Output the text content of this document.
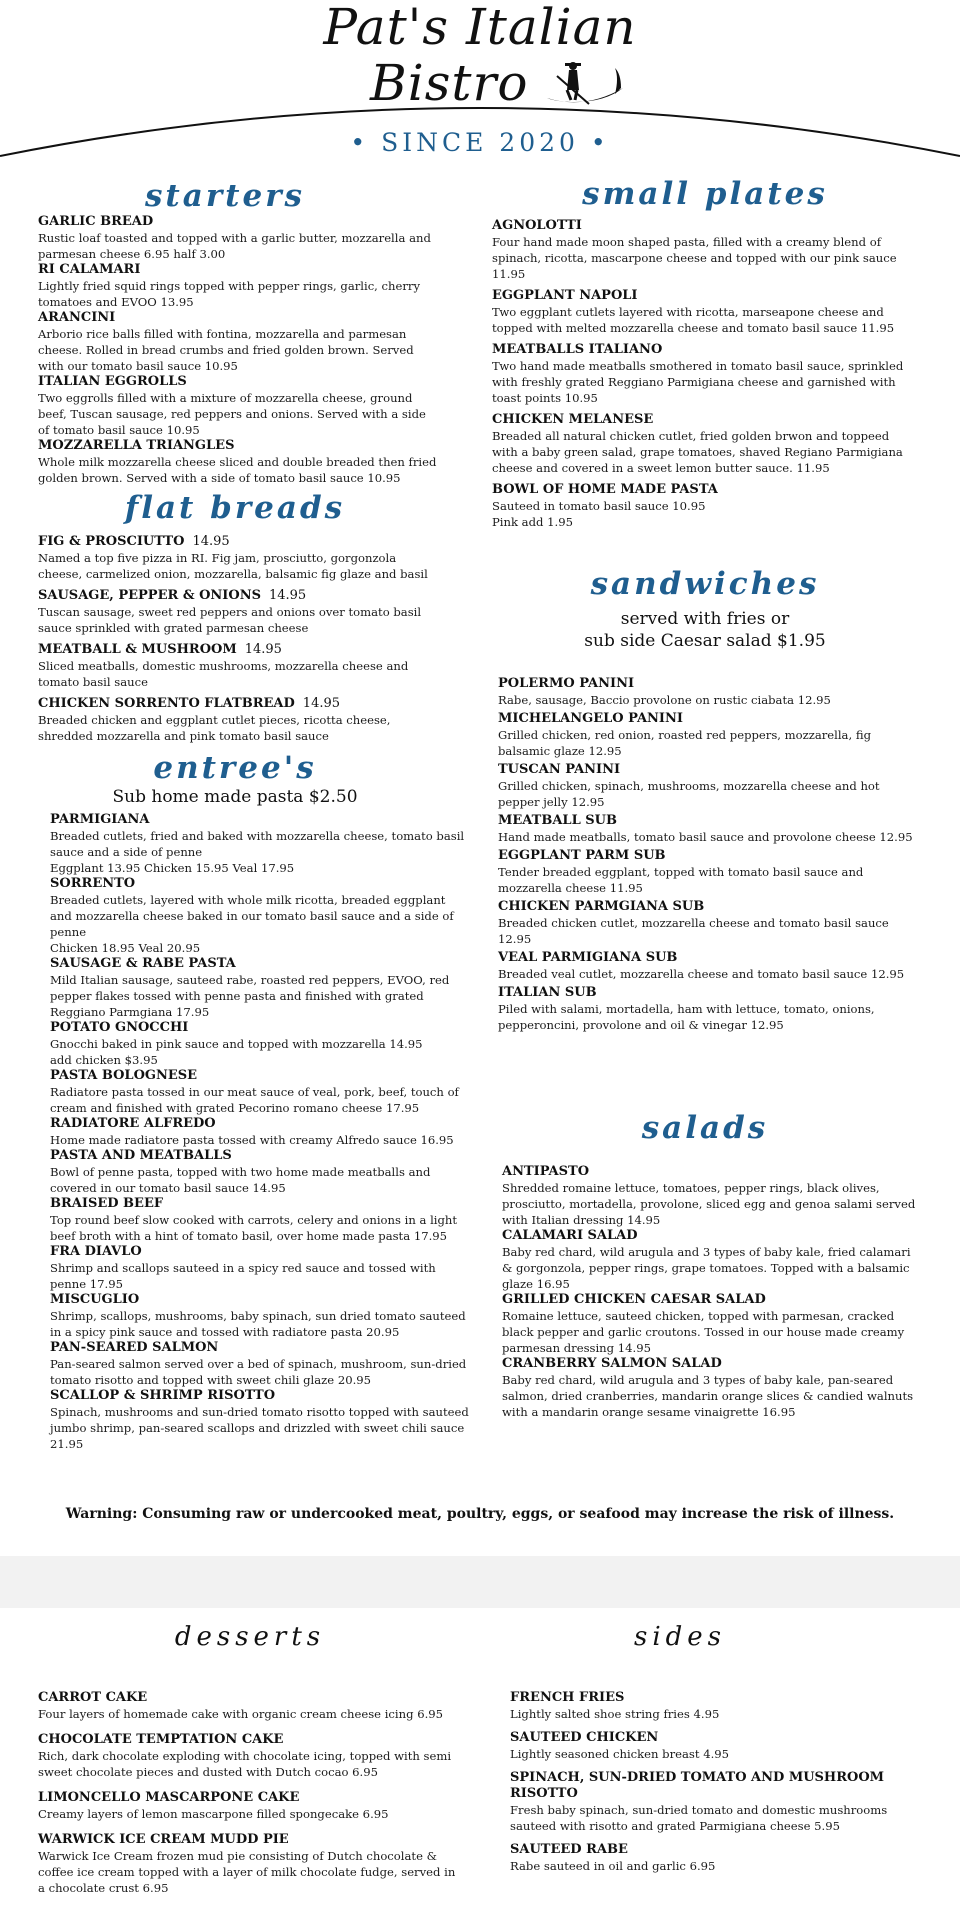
Pat's Italian
Bistro
• SINCE 2020 •
starters
GARLIC BREAD
Rustic loaf toasted and topped with a garlic butter, mozzarella and parmesan cheese 6.95 half 3.00
RI CALAMARI
Lightly fried squid rings topped with pepper rings, garlic, cherry tomatoes and EVOO 13.95
ARANCINI
Arborio rice balls filled with fontina, mozzarella and parmesan cheese. Rolled in bread crumbs and fried golden brown. Served with our tomato basil sauce 10.95
ITALIAN EGGROLLS
Two eggrolls filled with a mixture of mozzarella cheese, ground beef, Tuscan sausage, red peppers and onions. Served with a side of tomato basil sauce 10.95
MOZZARELLA TRIANGLES
Whole milk mozzarella cheese sliced and double breaded then fried golden brown. Served with a side of tomato basil sauce 10.95
flat breads
FIG & PROSCIUTTO 14.95
Named a top five pizza in RI. Fig jam, prosciutto, gorgonzola cheese, carmelized onion, mozzarella, balsamic fig glaze and basil
SAUSAGE, PEPPER & ONIONS 14.95
Tuscan sausage, sweet red peppers and onions over tomato basil sauce sprinkled with grated parmesan cheese
MEATBALL & MUSHROOM 14.95
Sliced meatballs, domestic mushrooms, mozzarella cheese and tomato basil sauce
CHICKEN SORRENTO FLATBREAD 14.95
Breaded chicken and eggplant cutlet pieces, ricotta cheese, shredded mozzarella and pink tomato basil sauce
entree's
Sub home made pasta $2.50
PARMIGIANA
Breaded cutlets, fried and baked with mozzarella cheese, tomato basil sauce and a side of penne
Eggplant 13.95 Chicken 15.95 Veal 17.95
SORRENTO
Breaded cutlets, layered with whole milk ricotta, breaded eggplant and mozzarella cheese baked in our tomato basil sauce and a side of penne
Chicken 18.95 Veal 20.95
SAUSAGE & RABE PASTA
Mild Italian sausage, sauteed rabe, roasted red peppers, EVOO, red pepper flakes tossed with penne pasta and finished with grated Reggiano Parmgiana 17.95
POTATO GNOCCHI
Gnocchi baked in pink sauce and topped with mozzarella 14.95
add chicken $3.95
PASTA BOLOGNESE
Radiatore pasta tossed in our meat sauce of veal, pork, beef, touch of cream and finished with grated Pecorino romano cheese 17.95
RADIATORE ALFREDO
Home made radiatore pasta tossed with creamy Alfredo sauce 16.95
PASTA AND MEATBALLS
Bowl of penne pasta, topped with two home made meatballs and covered in our tomato basil sauce 14.95
BRAISED BEEF
Top round beef slow cooked with carrots, celery and onions in a light beef broth with a hint of tomato basil, over home made pasta 17.95
FRA DIAVLO
Shrimp and scallops sauteed in a spicy red sauce and tossed with penne 17.95
MISCUGLIO
Shrimp, scallops, mushrooms, baby spinach, sun dried tomato sauteed in a spicy pink sauce and tossed with radiatore pasta 20.95
PAN-SEARED SALMON
Pan-seared salmon served over a bed of spinach, mushroom, sun-dried tomato risotto and topped with sweet chili glaze 20.95
SCALLOP & SHRIMP RISOTTO
Spinach, mushrooms and sun-dried tomato risotto topped with sauteed jumbo shrimp, pan-seared scallops and drizzled with sweet chili sauce 21.95
small plates
AGNOLOTTI
Four hand made moon shaped pasta, filled with a creamy blend of spinach, ricotta, mascarpone cheese and topped with our pink sauce 11.95
EGGPLANT NAPOLI
Two eggplant cutlets layered with ricotta, marseapone cheese and topped with melted mozzarella cheese and tomato basil sauce 11.95
MEATBALLS ITALIANO
Two hand made meatballs smothered in tomato basil sauce, sprinkled with freshly grated Reggiano Parmigiana cheese and garnished with toast points 10.95
CHICKEN MELANESE
Breaded all natural chicken cutlet, fried golden brwon and toppeed with a baby green salad, grape tomatoes, shaved Regiano Parmigiana cheese and covered in a sweet lemon butter sauce. 11.95
BOWL OF HOME MADE PASTA
Sauteed in tomato basil sauce 10.95
Pink add 1.95
sandwiches
served with fries or
sub side Caesar salad $1.95
POLERMO PANINI
Rabe, sausage, Baccio provolone on rustic ciabata 12.95
MICHELANGELO PANINI
Grilled chicken, red onion, roasted red peppers, mozzarella, fig balsamic glaze 12.95
TUSCAN PANINI
Grilled chicken, spinach, mushrooms, mozzarella cheese and hot pepper jelly 12.95
MEATBALL SUB
Hand made meatballs, tomato basil sauce and provolone cheese 12.95
EGGPLANT PARM SUB
Tender breaded eggplant, topped with tomato basil sauce and mozzarella cheese 11.95
CHICKEN PARMGIANA SUB
Breaded chicken cutlet, mozzarella cheese and tomato basil sauce 12.95
VEAL PARMIGIANA SUB
Breaded veal cutlet, mozzarella cheese and tomato basil sauce 12.95
ITALIAN SUB
Piled with salami, mortadella, ham with lettuce, tomato, onions, pepperoncini, provolone and oil & vinegar 12.95
salads
ANTIPASTO
Shredded romaine lettuce, tomatoes, pepper rings, black olives, prosciutto, mortadella, provolone, sliced egg and genoa salami served with Italian dressing 14.95
CALAMARI SALAD
Baby red chard, wild arugula and 3 types of baby kale, fried calamari & gorgonzola, pepper rings, grape tomatoes. Topped with a balsamic glaze 16.95
GRILLED CHICKEN CAESAR SALAD
Romaine lettuce, sauteed chicken, topped with parmesan, cracked black pepper and garlic croutons. Tossed in our house made creamy parmesan dressing 14.95
CRANBERRY SALMON SALAD
Baby red chard, wild arugula and 3 types of baby kale, pan-seared salmon, dried cranberries, mandarin orange slices & candied walnuts with a mandarin orange sesame vinaigrette 16.95
Warning: Consuming raw or undercooked meat, poultry, eggs, or seafood may increase the risk of illness.
desserts
CARROT CAKE
Four layers of homemade cake with organic cream cheese icing 6.95
CHOCOLATE TEMPTATION CAKE
Rich, dark chocolate exploding with chocolate icing, topped with semi sweet chocolate pieces and dusted with Dutch cocao 6.95
LIMONCELLO MASCARPONE CAKE
Creamy layers of lemon mascarpone filled spongecake 6.95
WARWICK ICE CREAM MUDD PIE
Warwick Ice Cream frozen mud pie consisting of Dutch chocolate & coffee ice cream topped with a layer of milk chocolate fudge, served in a chocolate crust 6.95
sides
FRENCH FRIES
Lightly salted shoe string fries 4.95
SAUTEED CHICKEN
Lightly seasoned chicken breast 4.95
SPINACH, SUN-DRIED TOMATO AND MUSHROOM RISOTTO
Fresh baby spinach, sun-dried tomato and domestic mushrooms sauteed with risotto and grated Parmigiana cheese 5.95
SAUTEED RABE
Rabe sauteed in oil and garlic 6.95
